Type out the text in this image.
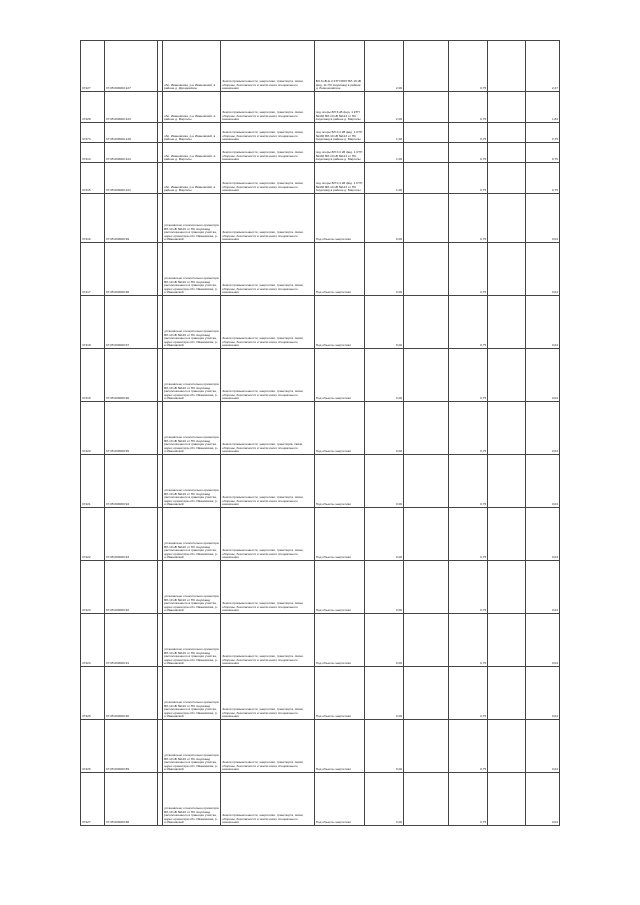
37427	37:05:000000:127		обл. Ивановская, р-н Ивановский, в районе д. Дроздовское	Земли промышленности, энергетики, транспорта, связи, обороны, безопасности и земли иного специального назначения	ВЛ-6 кВ ф.2 КТП 0807 ВЛ-10 кВ фид. 11 ПС Ануксаюд в районе д. Лемешковское	2,00		0,75		2,27
37428	37:05:000000:123		обл. Ивановская, р-н Ивановский, в районе д. Марголы	Земли промышленности, энергетики, транспорта, связи, обороны, безопасности и земли иного специального назначения	под опоры ВЛ 6 кВ фид. 1 КТП №430 ВЛ-10 кВ №113 от ПС Ануксаюд в районе д. Марголы	2,00		0,75		1,84
37473	37:05:000000:128		обл. Ивановская, р-н Ивановский, в районе д. Марголы	Земли промышленности, энергетики, транспорта, связи, обороны, безопасности и земли иного специального назначения	под опоры ВЛ 0,4 кВ фид. 1 КТП №430 ВЛ-10 кВ №113 от ПС Ануксаюд в районе д. Марголы	1,00		0,75		0,75
37414	37:05:000000:124		обл. Ивановская, р-н Ивановский, в районе д. Марголы	Земли промышленности, энергетики, транспорта, связи, обороны, безопасности и земли иного специального назначения	под опоры ВЛ 0,4 кВ фид. 1 КТП №430 ВЛ-10 кВ №113 от ПС Ануксаюд в районе д. Марголы	1,00		0,75		0,75
37415	37:05:000000:121		обл. Ивановская, р-н Ивановский, в районе д. Марголы	Земли промышленности, энергетики, транспорта, связи, обороны, безопасности и земли иного специального назначения	под опоры ВЛ 0,4 кВ фид. 1 КТП №430 ВЛ-10 кВ №113 от ПС Ануксаюд в районе д. Марголы	1,00		0,75		0,75
37416	37:05:000000:99		установлено относительно ориентира ВЛ-10 кВ №110 от ПС Ануксаюд расположенного в границах участка, адрес ориентира обл. Ивановская, р-н Ивановский	Земли промышленности, энергетики, транспорта, связи, обороны, безопасности и земли иного специального назначения	Под объекты энергетики	0,00		0,75		0,04
37417	37:05:000000:98		установлено относительно ориентира ВЛ-10 кВ №110 от ПС Ануксаюд расположенного в границах участка, адрес ориентира обл. Ивановская, р-н Ивановский	Земли промышленности, энергетики, транспорта, связи, обороны, безопасности и земли иного специального назначения	Под объекты энергетики	0,00		0,75		0,04
37418	37:05:000000:97		установлено относительно ориентира ВЛ-10 кВ №110 от ПС Ануксаюд расположенного в границах участка, адрес ориентира обл. Ивановская, р-н Ивановский	Земли промышленности, энергетики, транспорта, связи, обороны, безопасности и земли иного специального назначения	Под объекты энергетики	0,00		0,75		0,04
37419	37:05:000000:96		установлено относительно ориентира ВЛ-10 кВ №110 от ПС Ануксаюд расположенного в границах участка, адрес ориентира обл. Ивановская, р-н Ивановский	Земли промышленности, энергетики, транспорта, связи, обороны, безопасности и земли иного специального назначения	Под объекты энергетики	0,00		0,75		0,04
37420	37:05:000000:95		установлено относительно ориентира ВЛ-10 кВ №110 от ПС Ануксаюд расположенного в границах участка, адрес ориентира обл. Ивановская, р-н Ивановский	Земли промышленности, энергетики, транспорta, связи, обороны, безопасности и земли иного специального назначения	Под объекты энергетики	0,00		0,75		0,04
37421	37:05:000000:94		установлено относительно ориентира ВЛ-10 кВ №110 от ПС Ануксаюд расположенного в границах участка, адрес ориентира обл. Ивановская, р-н Ивановский	Земли промышленности, энергетики, транспорта, связи, обороны, безопасности и земли иного специального назначения	Под объекты энергетики	0,00		0,75		0,04
37422	37:05:000000:93		установлено относительно ориентира ВЛ-10 кВ №110 от ПС Ануксаюд расположенного в границах участка, адрес ориентира обл. Ивановская, р-н Ивановский	Земли промышленности, энергетики, транспорта, связи, обороны, безопасности и земли иного специального назначения	Под объекты энергетики	0,00		0,75		0,04
37423	37:05:000000:92		установлено относительно ориентира ВЛ-10 кВ №110 от ПС Ануксаюд расположенного в границах участка, адрес ориентира обл. Ивановская, р-н Ивановский	Земли промышленности, энергетики, транспорта, связи, обороны, безопасности и земли иного специального назначения	Под объекты энергетики	0,00		0,75		0,04
37424	37:05:000000:91		установлено относительно ориентира ВЛ-10 кВ №110 от ПС Ануксаюд расположенного в границах участка, адрес ориентира обл. Ивановская, р-н Ивановский	Земли промышленности, энергетики, транспорта, связи, обороны, безопасности и земли иного специального назначения	Под объекты энергетики	0,00		0,75		0,04
37425	37:05:000000:90		установлено относительно ориентира ВЛ-10 кВ №110 от ПС Ануксаюд расположенного в границах участка, адрес ориентира обл. Ивановская, р-н Ивановский	Земли промышленности, энергетики, транспорта, связи, обороны, безопасности и земли иного специального назначения	Под объекты энергетики	0,00		0,75		0,04
37426	37:05:000000:89		установлено относительно ориентира ВЛ-10 кВ №110 от ПС Ануксаюд расположенного в границах участка, адрес ориентира обл. Ивановская, р-н Ивановский	Земли промышленности, энергетики, транспорта, связи, обороны, безопасности и земли иного специального назначения	Под объекты энергетики	0,00		0,75		0,04
37427	37:05:000000:88		установлено относительно ориентира ВЛ-10 кВ №110 от ПС Ануксаюд расположенного в границах участка, адрес ориентира обл. Ивановская, р-н Ивановский	Земли промышленности, энергетики, транспорта, связи, обороны, безопасности и земли иного специального назначения	Под объекты энергетики	0,00		0,75		0,04
